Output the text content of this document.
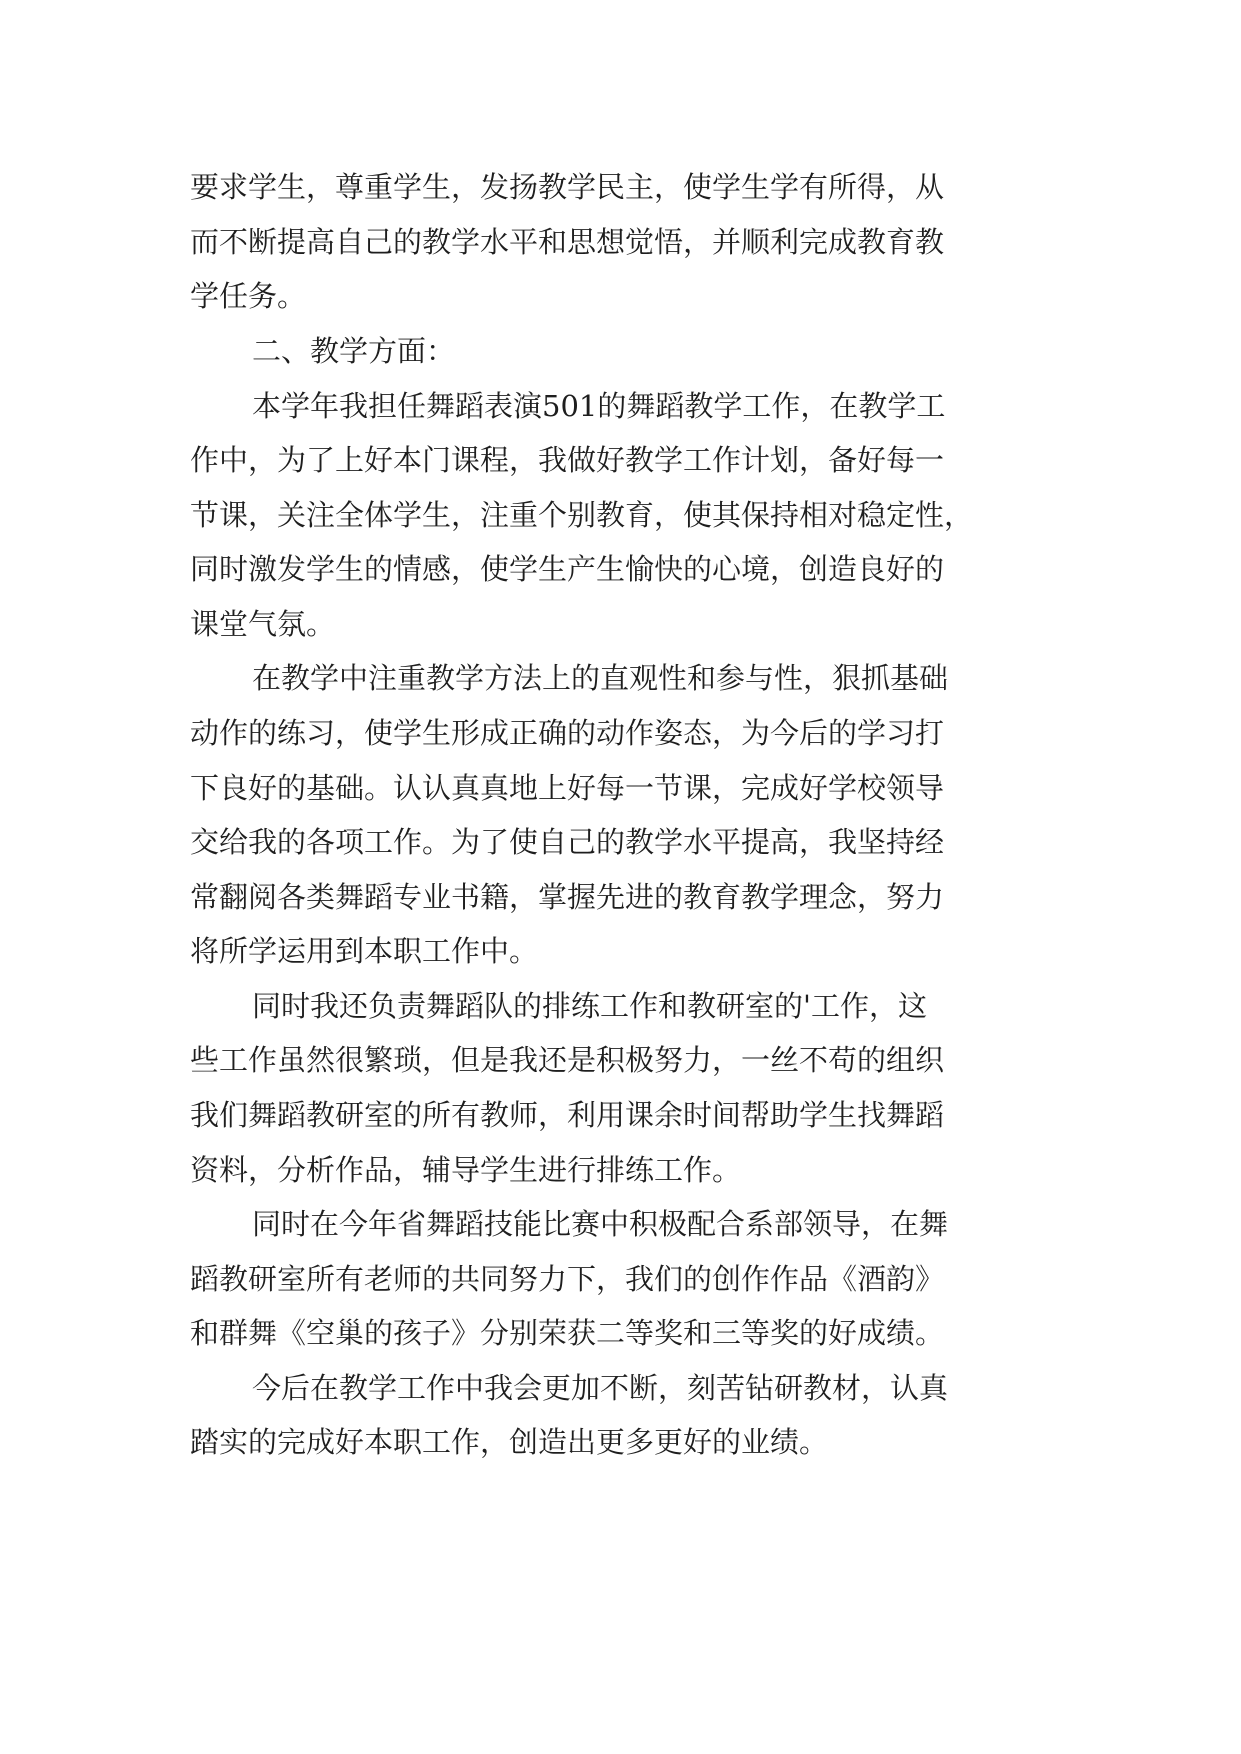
要求学生，尊重学生，发扬教学民主，使学生学有所得，从

而不断提高自己的教学水平和思想觉悟，并顺利完成教育教

学任务。

二、教学方面：

本学年我担任舞蹈表演501的舞蹈教学工作，在教学工

作中，为了上好本门课程，我做好教学工作计划，备好每一

节课，关注全体学生，注重个别教育，使其保持相对稳定性，

同时激发学生的情感，使学生产生愉快的心境，创造良好的

课堂气氛。

在教学中注重教学方法上的直观性和参与性，狠抓基础

动作的练习，使学生形成正确的动作姿态，为今后的学习打

下良好的基础。认认真真地上好每一节课，完成好学校领导

交给我的各项工作。为了使自己的教学水平提高，我坚持经

常翻阅各类舞蹈专业书籍，掌握先进的教育教学理念，努力

将所学运用到本职工作中。

同时我还负责舞蹈队的排练工作和教研室的'工作，这

些工作虽然很繁琐，但是我还是积极努力，一丝不苟的组织

我们舞蹈教研室的所有教师，利用课余时间帮助学生找舞蹈

资料，分析作品，辅导学生进行排练工作。

同时在今年省舞蹈技能比赛中积极配合系部领导，在舞

蹈教研室所有老师的共同努力下，我们的创作作品《酒韵》

和群舞《空巢的孩子》分别荣获二等奖和三等奖的好成绩。

今后在教学工作中我会更加不断，刻苦钻研教材，认真

踏实的完成好本职工作，创造出更多更好的业绩。
